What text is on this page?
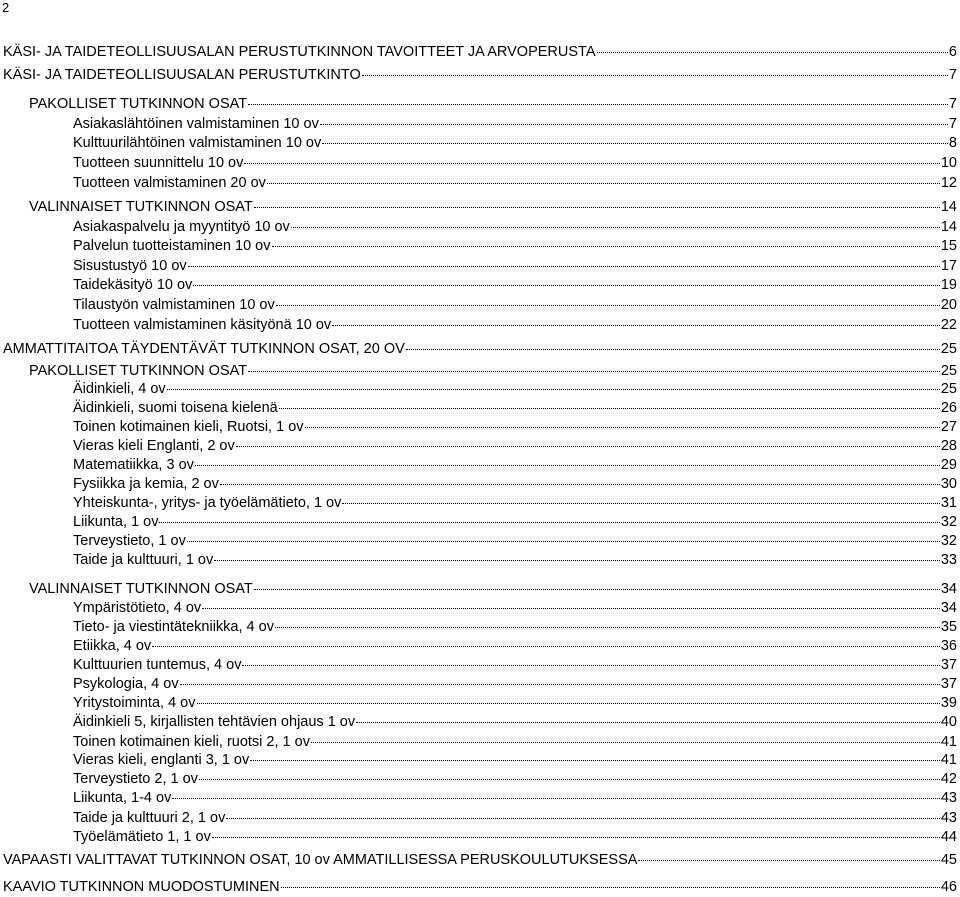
2
KÄSI- JA TAIDETEOLLISUUSALAN PERUSTUTKINNON TAVOITTEET JA ARVOPERUSTA	6
KÄSI- JA TAIDETEOLLISUUSALAN PERUSTUTKINTO	7
PAKOLLISET TUTKINNON OSAT	7
Asiakaslähtöinen valmistaminen 10 ov	7
Kulttuurilähtöinen valmistaminen 10 ov	8
Tuotteen suunnittelu 10 ov	10
Tuotteen valmistaminen 20 ov	12
VALINNAISET TUTKINNON OSAT	14
Asiakaspalvelu ja myyntityö 10 ov	14
Palvelun tuotteistaminen 10 ov	15
Sisustustyö 10 ov	17
Taidekäsityö 10 ov	19
Tilaustyön valmistaminen 10 ov	20
Tuotteen valmistaminen käsityönä 10 ov	22
AMMATTITAITOA TÄYDENTÄVÄT TUTKINNON OSAT, 20 OV	25
PAKOLLISET TUTKINNON OSAT	25
Äidinkieli, 4 ov	25
Äidinkieli, suomi toisena kielenä	26
Toinen kotimainen kieli, Ruotsi, 1 ov	27
Vieras kieli Englanti, 2 ov	28
Matematiikka, 3 ov	29
Fysiikka ja kemia, 2 ov	30
Yhteiskunta-, yritys- ja työelämätieto, 1 ov	31
Liikunta, 1 ov	32
Terveystieto, 1 ov	32
Taide ja kulttuuri, 1 ov	33
VALINNAISET TUTKINNON OSAT	34
Ympäristötieto, 4 ov	34
Tieto- ja viestintätekniikka, 4 ov	35
Etiikka, 4 ov	36
Kulttuurien tuntemus, 4 ov	37
Psykologia, 4 ov	37
Yritystoiminta, 4 ov	39
Äidinkieli 5, kirjallisten tehtävien ohjaus 1 ov	40
Toinen kotimainen kieli, ruotsi 2, 1 ov	41
Vieras kieli, englanti 3, 1 ov	41
Terveystieto 2, 1 ov	42
Liikunta, 1-4 ov	43
Taide ja kulttuuri 2, 1 ov	43
Työelämätieto 1, 1 ov	44
VAPAASTI VALITTAVAT TUTKINNON OSAT, 10 ov AMMATILLISESSA PERUSKOULUTUKSESSA	45
KAAVIO TUTKINNON MUODOSTUMINEN	46
